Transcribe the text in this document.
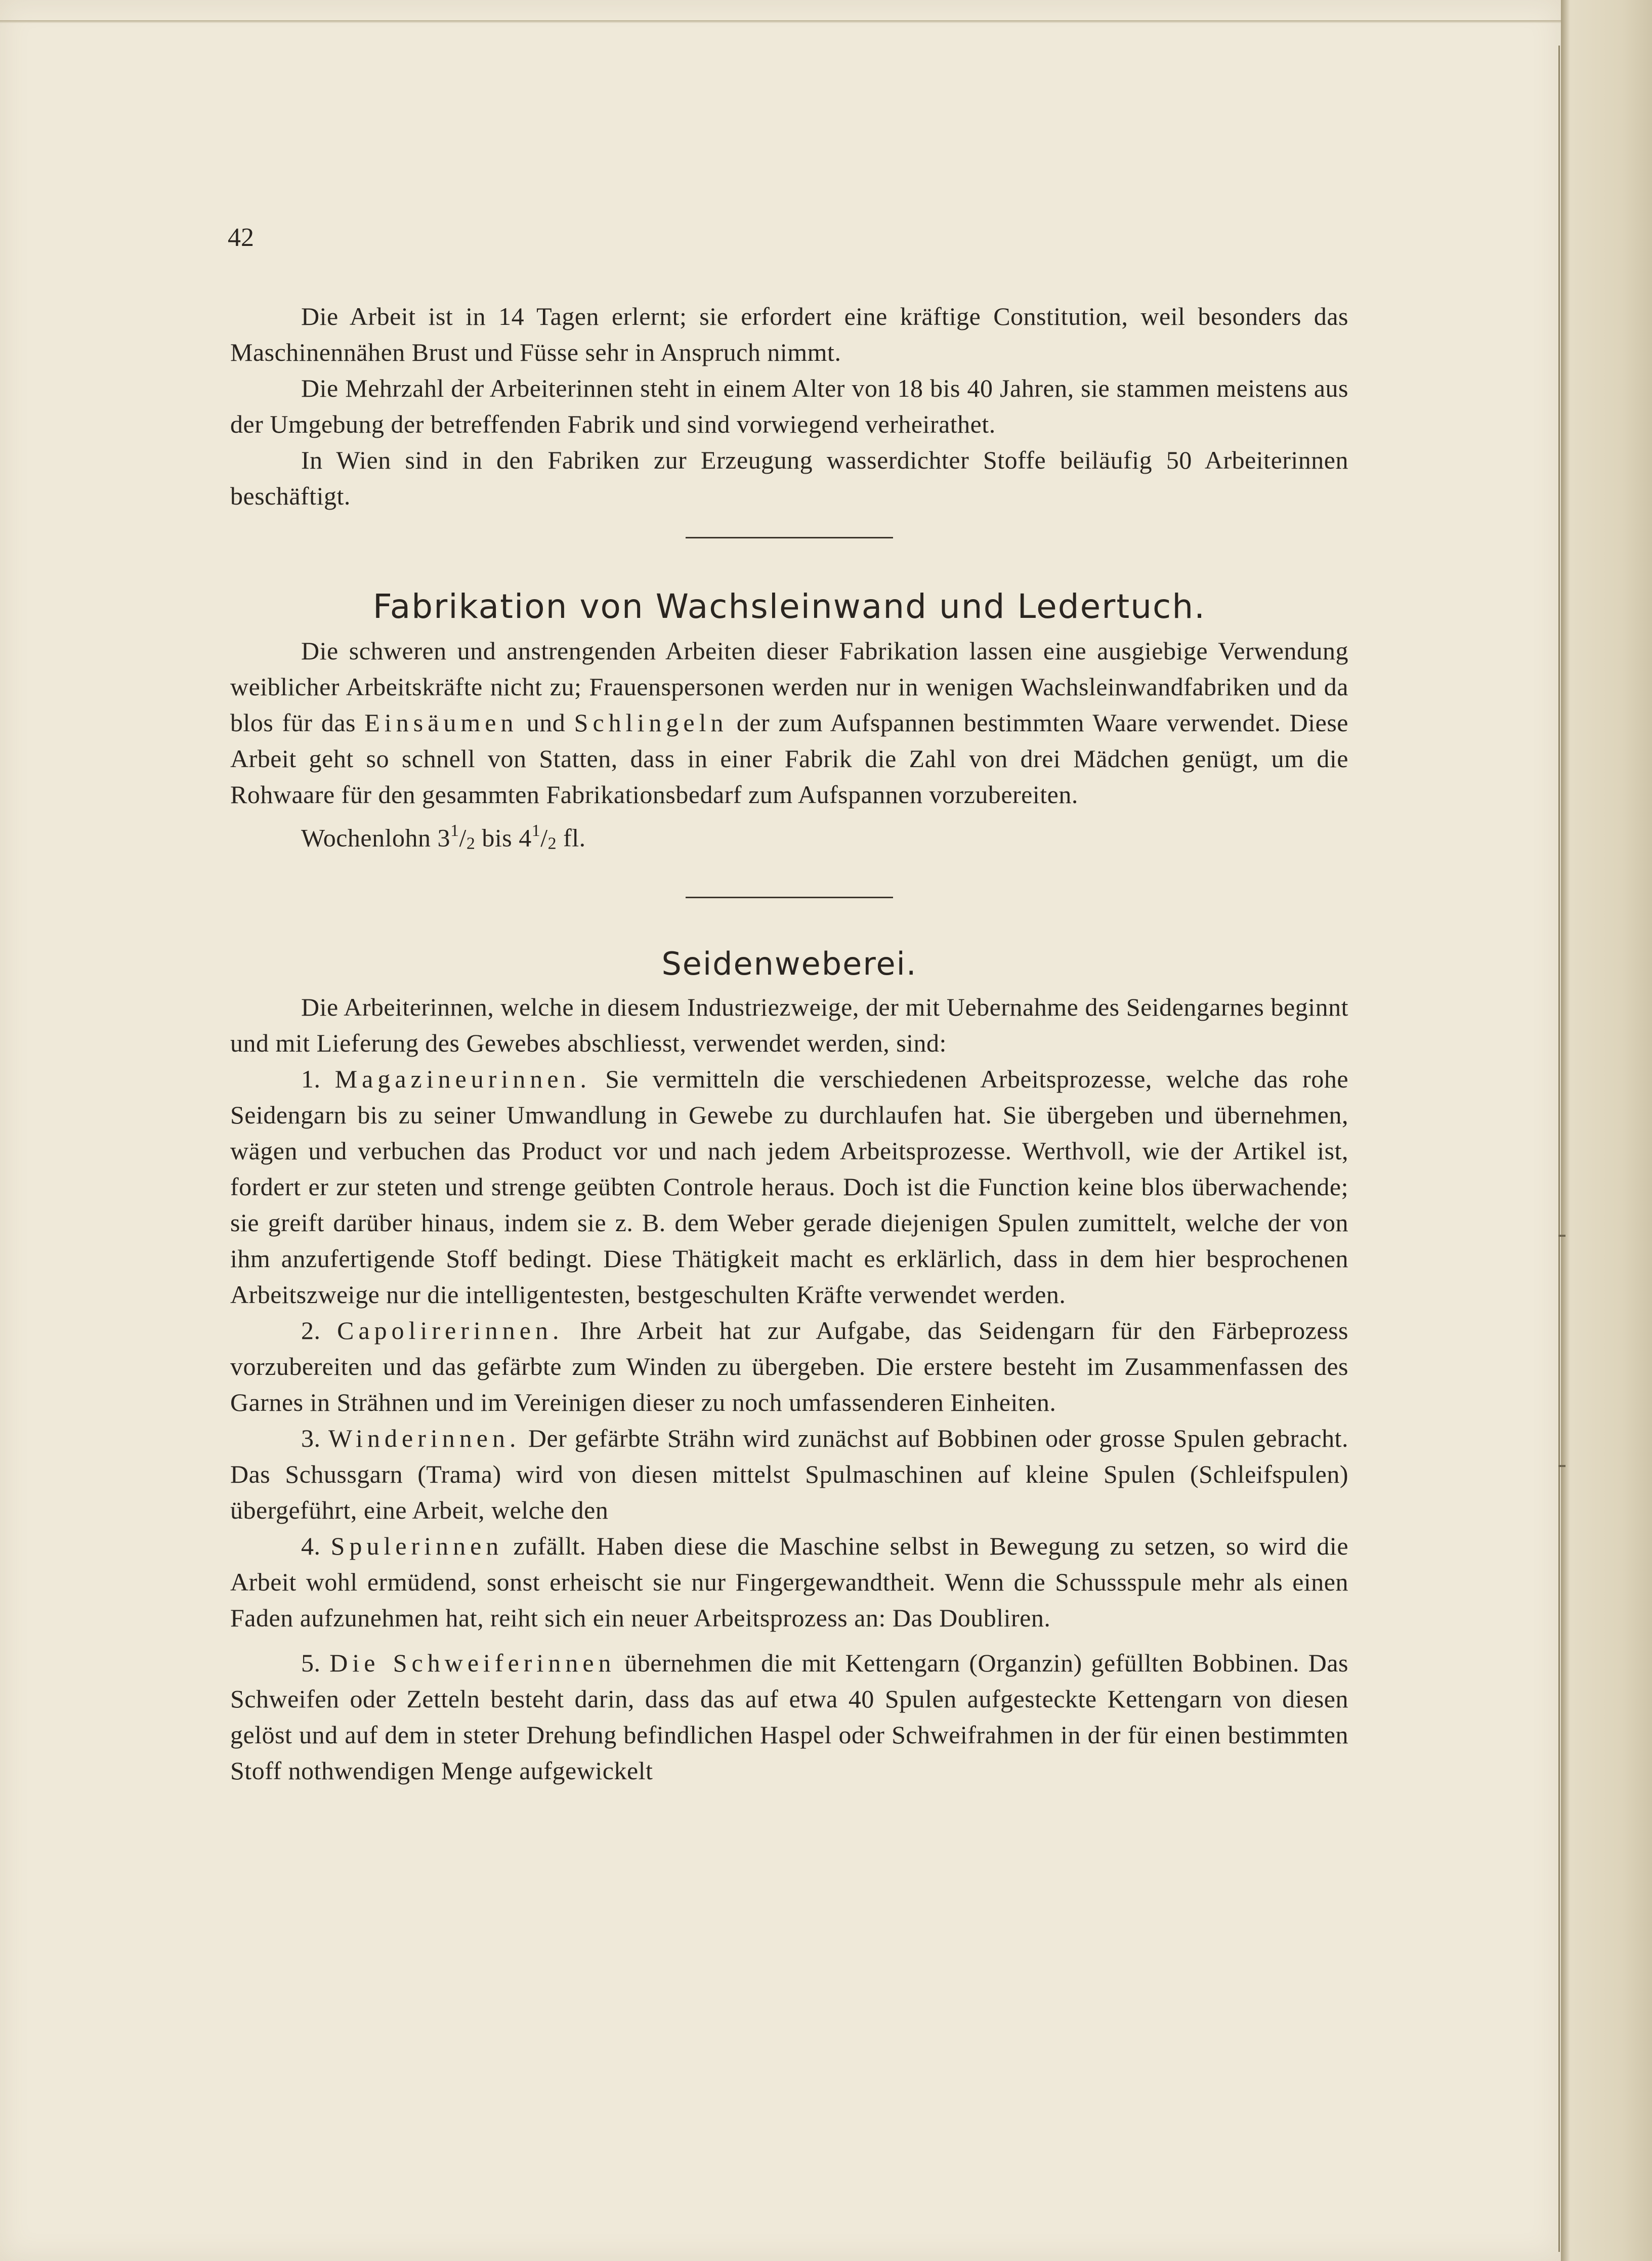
42

Die Arbeit ist in 14 Tagen erlernt; sie erfordert eine kräftige Constitution, weil besonders das Maschinennähen Brust und Füsse sehr in Anspruch nimmt.

Die Mehrzahl der Arbeiterinnen steht in einem Alter von 18 bis 40 Jahren, sie stammen meistens aus der Umgebung der betreffenden Fabrik und sind vorwiegend verheirathet.

In Wien sind in den Fabriken zur Erzeugung wasserdichter Stoffe beiläufig 50 Arbeiterinnen beschäftigt.

Fabrikation von Wachsleinwand und Ledertuch.

Die schweren und anstrengenden Arbeiten dieser Fabrikation lassen eine ausgiebige Verwendung weiblicher Arbeitskräfte nicht zu; Frauenspersonen werden nur in wenigen Wachsleinwandfabriken und da blos für das Einsäumen und Schlingeln der zum Aufspannen bestimmten Waare verwendet. Diese Arbeit geht so schnell von Statten, dass in einer Fabrik die Zahl von drei Mädchen genügt, um die Rohwaare für den gesammten Fabrikationsbedarf zum Aufspannen vorzubereiten.

Wochenlohn $3^1/2$ bis $4^1/2$ fl.

Seidenweberei.

Die Arbeiterinnen, welche in diesem Industriezweige, der mit Uebernahme des Seidengarnes beginnt und mit Lieferung des Gewebes abschliesst, verwendet werden, sind:

1. Magazineurinnen. Sie vermitteln die verschiedenen Arbeitsprozesse, welche das rohe Seidengarn bis zu seiner Umwandlung in Gewebe zu durchlaufen hat. Sie übergeben und übernehmen, wägen und verbuchen das Product vor und nach jedem Arbeitsprozesse. Werthvoll, wie der Artikel ist, fordert er zur steten und strenge geübten Controle heraus. Doch ist die Function keine blos überwachende; sie greift darüber hinaus, indem sie z. B. dem Weber gerade diejenigen Spulen zumittelt, welche der von ihm anzufertigende Stoff bedingt. Diese Thätigkeit macht es erklärlich, dass in dem hier besprochenen Arbeitszweige nur die intelligentesten, bestgeschulten Kräfte verwendet werden.

2. Capolirerinnen. Ihre Arbeit hat zur Aufgabe, das Seidengarn für den Färbeprozess vorzubereiten und das gefärbte zum Winden zu übergeben. Die erstere besteht im Zusammenfassen des Garnes in Strähnen und im Vereinigen dieser zu noch umfassenderen Einheiten.

3. Winderinnen. Der gefärbte Strähn wird zunächst auf Bobbinen oder grosse Spulen gebracht. Das Schussgarn (Trama) wird von diesen mittelst Spulmaschinen auf kleine Spulen (Schleifspulen) übergeführt, eine Arbeit, welche den

4. Spulerinnen zufällt. Haben diese die Maschine selbst in Bewegung zu setzen, so wird die Arbeit wohl ermüdend, sonst erheischt sie nur Fingergewandtheit. Wenn die Schussspule mehr als einen Faden aufzunehmen hat, reiht sich ein neuer Arbeitsprozess an: Das Doubliren.

5. Die Schweiferinnen übernehmen die mit Kettengarn (Organzin) gefüllten Bobbinen. Das Schweifen oder Zetteln besteht darin, dass das auf etwa 40 Spulen aufgesteckte Kettengarn von diesen gelöst und auf dem in steter Drehung befindlichen Haspel oder Schweifrahmen in der für einen bestimmten Stoff nothwendigen Menge aufgewickelt
